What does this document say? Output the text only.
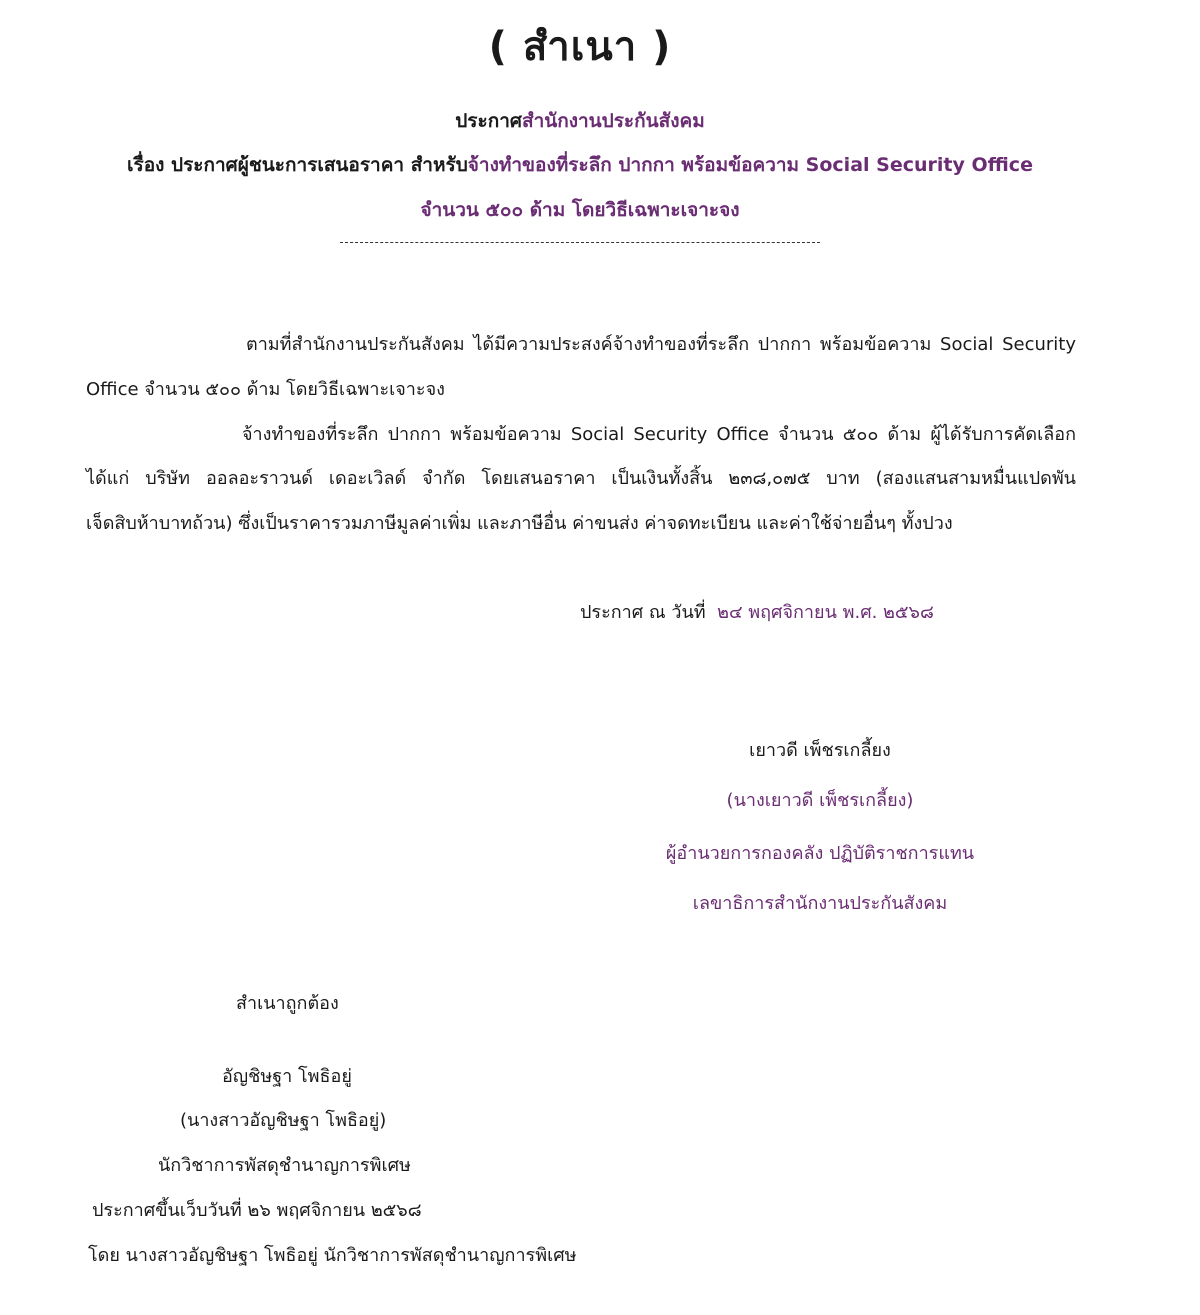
( สำเนา )
ประกาศสำนักงานประกันสังคม
เรื่อง ประกาศผู้ชนะการเสนอราคา สำหรับจ้างทำของที่ระลึก ปากกา พร้อมข้อความ Social Security Office
จำนวน ๕๐๐ ด้าม โดยวิธีเฉพาะเจาะจง
ตามที่สำนักงานประกันสังคม ได้มีความประสงค์จ้างทำของที่ระลึก ปากกา พร้อมข้อความ Social Security
Office จำนวน ๕๐๐ ด้าม โดยวิธีเฉพาะเจาะจง
จ้างทำของที่ระลึก ปากกา พร้อมข้อความ Social Security Office จำนวน ๕๐๐ ด้าม ผู้ได้รับการคัดเลือก
ได้แก่ บริษัท ออลอะราวนด์ เดอะเวิลด์ จำกัด โดยเสนอราคา เป็นเงินทั้งสิ้น ๒๓๘,๐๗๕ บาท (สองแสนสามหมื่นแปดพัน
เจ็ดสิบห้าบาทถ้วน) ซึ่งเป็นราคารวมภาษีมูลค่าเพิ่ม และภาษีอื่น ค่าขนส่ง ค่าจดทะเบียน และค่าใช้จ่ายอื่นๆ ทั้งปวง
ประกาศ ณ วันที่ ๒๔ พฤศจิกายน พ.ศ. ๒๕๖๘
เยาวดี เพ็ชรเกลี้ยง
(นางเยาวดี เพ็ชรเกลี้ยง)
ผู้อำนวยการกองคลัง ปฏิบัติราชการแทน
เลขาธิการสำนักงานประกันสังคม
สำเนาถูกต้อง
อัญชิษฐา โพธิอยู่
(นางสาวอัญชิษฐา โพธิอยู่)
นักวิชาการพัสดุชำนาญการพิเศษ
ประกาศขึ้นเว็บวันที่ ๒๖ พฤศจิกายน ๒๕๖๘
โดย นางสาวอัญชิษฐา โพธิอยู่ นักวิชาการพัสดุชำนาญการพิเศษ
